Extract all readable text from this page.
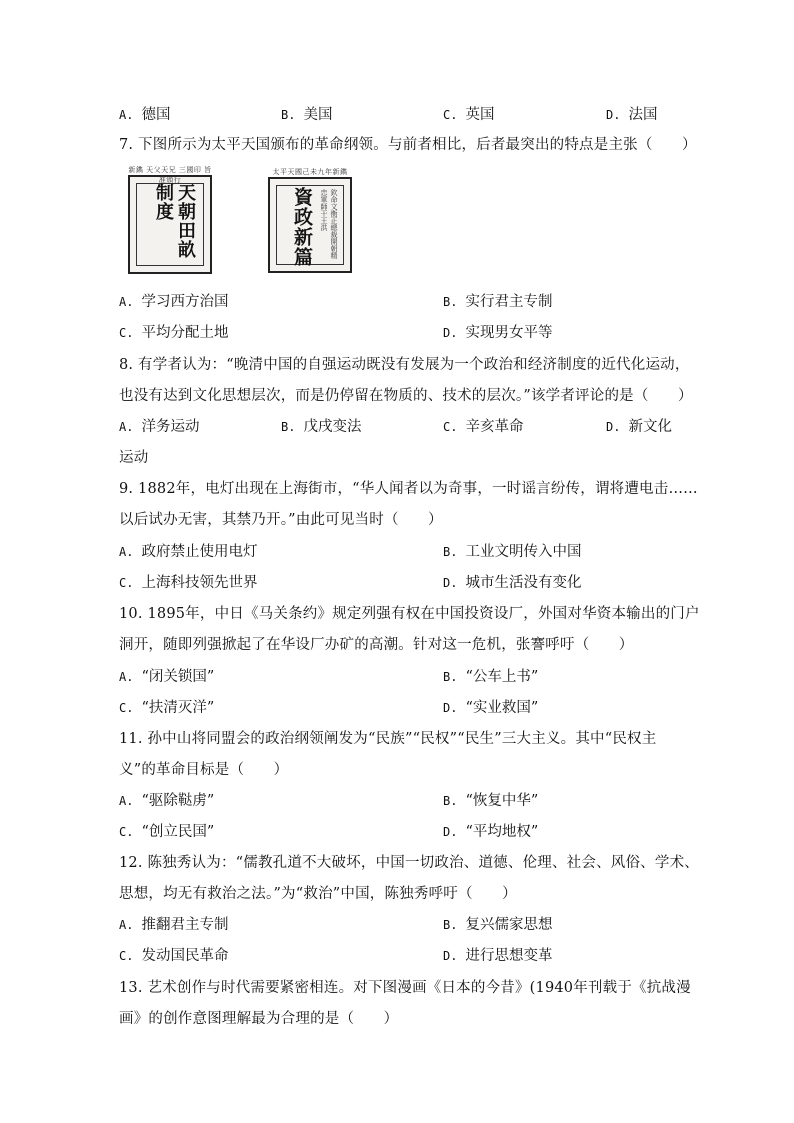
A. 德国	B. 美国	C. 英国	D. 法国
7. 下图所示为太平天国颁布的革命纲领。与前者相比，后者最突出的特点是主张（　　）
新鐫 天父天兄 三國印 旨准頒行
天朝田畝制度
太平天國己未九年新鐫
欽命文衡正總裁開朝精忠軍師干王洪
資政新篇
A. 学习西方治国	B. 实行君主专制
C. 平均分配土地	D. 实现男女平等
8. 有学者认为：“晚清中国的自强运动既没有发展为一个政治和经济制度的近代化运动，
也没有达到文化思想层次，而是仍停留在物质的、技术的层次。”该学者评论的是（　　）
A. 洋务运动	B. 戊戌变法	C. 辛亥革命	D. 新文化
运动
9. 1882年，电灯出现在上海街市，“华人闻者以为奇事，一时谣言纷传，谓将遭电击……
以后试办无害，其禁乃开。”由此可见当时（　　）
A. 政府禁止使用电灯	B. 工业文明传入中国
C. 上海科技领先世界	D. 城市生活没有变化
10. 1895年，中日《马关条约》规定列强有权在中国投资设厂，外国对华资本输出的门户
洞开，随即列强掀起了在华设厂办矿的高潮。针对这一危机，张謇呼吁（　　）
A. “闭关锁国”	B. “公车上书”
C. “扶清灭洋”	D. “实业救国”
11. 孙中山将同盟会的政治纲领阐发为“民族”“民权”“民生”三大主义。其中“民权主
义”的革命目标是（　　）
A. “驱除鞑虏”	B. “恢复中华”
C. “创立民国”	D. “平均地权”
12. 陈独秀认为：“儒教孔道不大破坏，中国一切政治、道德、伦理、社会、风俗、学术、
思想，均无有救治之法。”为“救治”中国，陈独秀呼吁（　　）
A. 推翻君主专制	B. 复兴儒家思想
C. 发动国民革命	D. 进行思想变革
13. 艺术创作与时代需要紧密相连。对下图漫画《日本的今昔》(1940年刊载于《抗战漫
画》的创作意图理解最为合理的是（　　）
